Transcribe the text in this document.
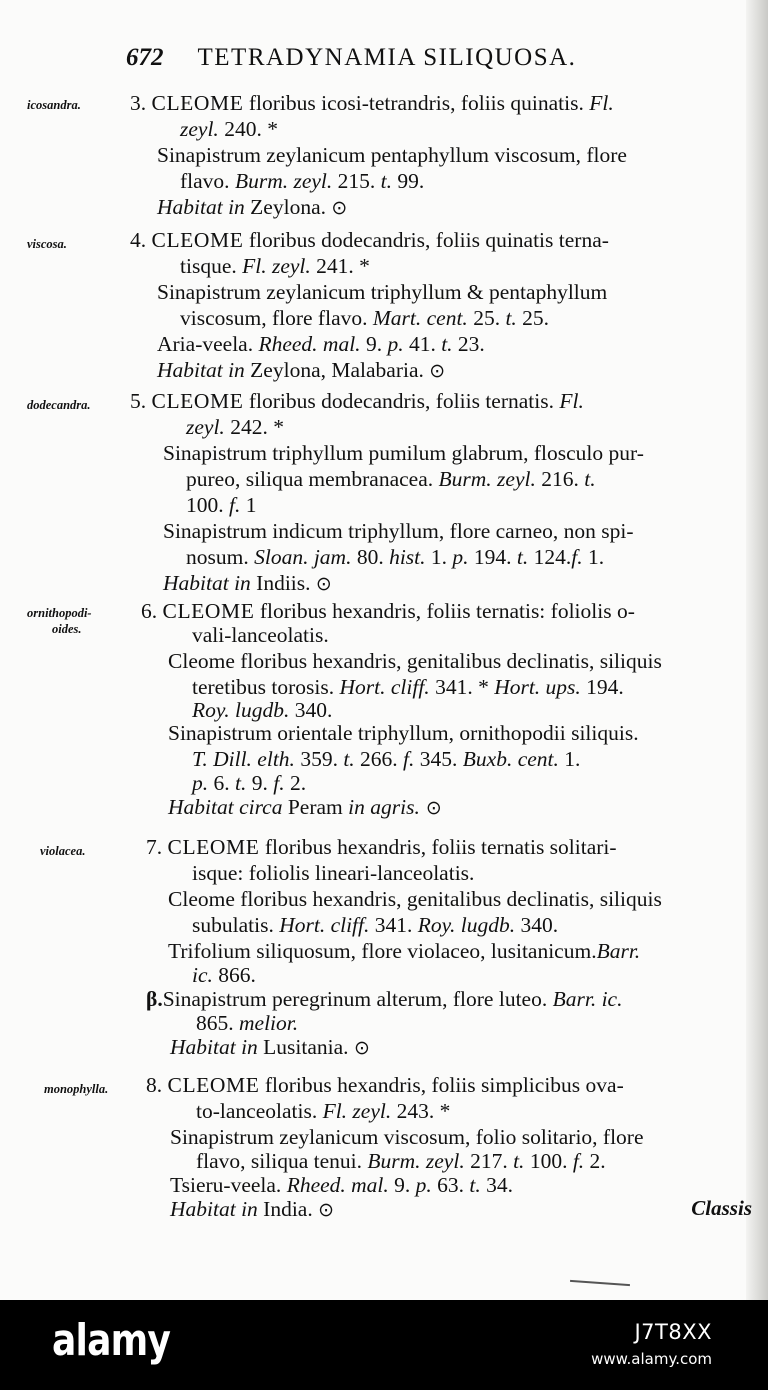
672 TETRADYNAMIA SILIQUOSA.
icosandra.	3. CLEOME floribus icosi-tetrandris, foliis quinatis. Fl.
zeyl. 240. *
Sinapistrum zeylanicum pentaphyllum viscosum, flore
flavo. Burm. zeyl. 215. t. 99.
Habitat in Zeylona. ⊙
viscosa.	4. CLEOME floribus dodecandris, foliis quinatis terna-
tisque. Fl. zeyl. 241. *
Sinapistrum zeylanicum triphyllum & pentaphyllum
viscosum, flore flavo. Mart. cent. 25. t. 25.
Aria-veela. Rheed. mal. 9. p. 41. t. 23.
Habitat in Zeylona, Malabaria. ⊙
dodecandra.	5. CLEOME floribus dodecandris, foliis ternatis. Fl.
zeyl. 242. *
Sinapistrum triphyllum pumilum glabrum, flosculo pur-
pureo, siliqua membranacea. Burm. zeyl. 216. t.
100. f. 1
Sinapistrum indicum triphyllum, flore carneo, non spi-
nosum. Sloan. jam. 80. hist. 1. p. 194. t. 124.f. 1.
Habitat in Indiis. ⊙
ornithopodi-
oides.
6. CLEOME floribus hexandris, foliis ternatis: foliolis o-
vali-lanceolatis.
Cleome floribus hexandris, genitalibus declinatis, siliquis
teretibus torosis. Hort. cliff. 341. * Hort. ups. 194.
Roy. lugdb. 340.
Sinapistrum orientale triphyllum, ornithopodii siliquis.
T. Dill. elth. 359. t. 266. f. 345. Buxb. cent. 1.
p. 6. t. 9. f. 2.
Habitat circa Peram in agris. ⊙
violacea.	7. CLEOME floribus hexandris, foliis ternatis solitari-
isque: foliolis lineari-lanceolatis.
Cleome floribus hexandris, genitalibus declinatis, siliquis
subulatis. Hort. cliff. 341. Roy. lugdb. 340.
Trifolium siliquosum, flore violaceo, lusitanicum.Barr.
ic. 866.
β.Sinapistrum peregrinum alterum, flore luteo. Barr. ic.
865. melior.
Habitat in Lusitania. ⊙
monophylla.	8. CLEOME floribus hexandris, foliis simplicibus ova-
to-lanceolatis. Fl. zeyl. 243. *
Sinapistrum zeylanicum viscosum, folio solitario, flore
flavo, siliqua tenui. Burm. zeyl. 217. t. 100. f. 2.
Tsieru-veela. Rheed. mal. 9. p. 63. t. 34.
Habitat in India. ⊙	Classis
alamy	J7T8XX
www.alamy.com
